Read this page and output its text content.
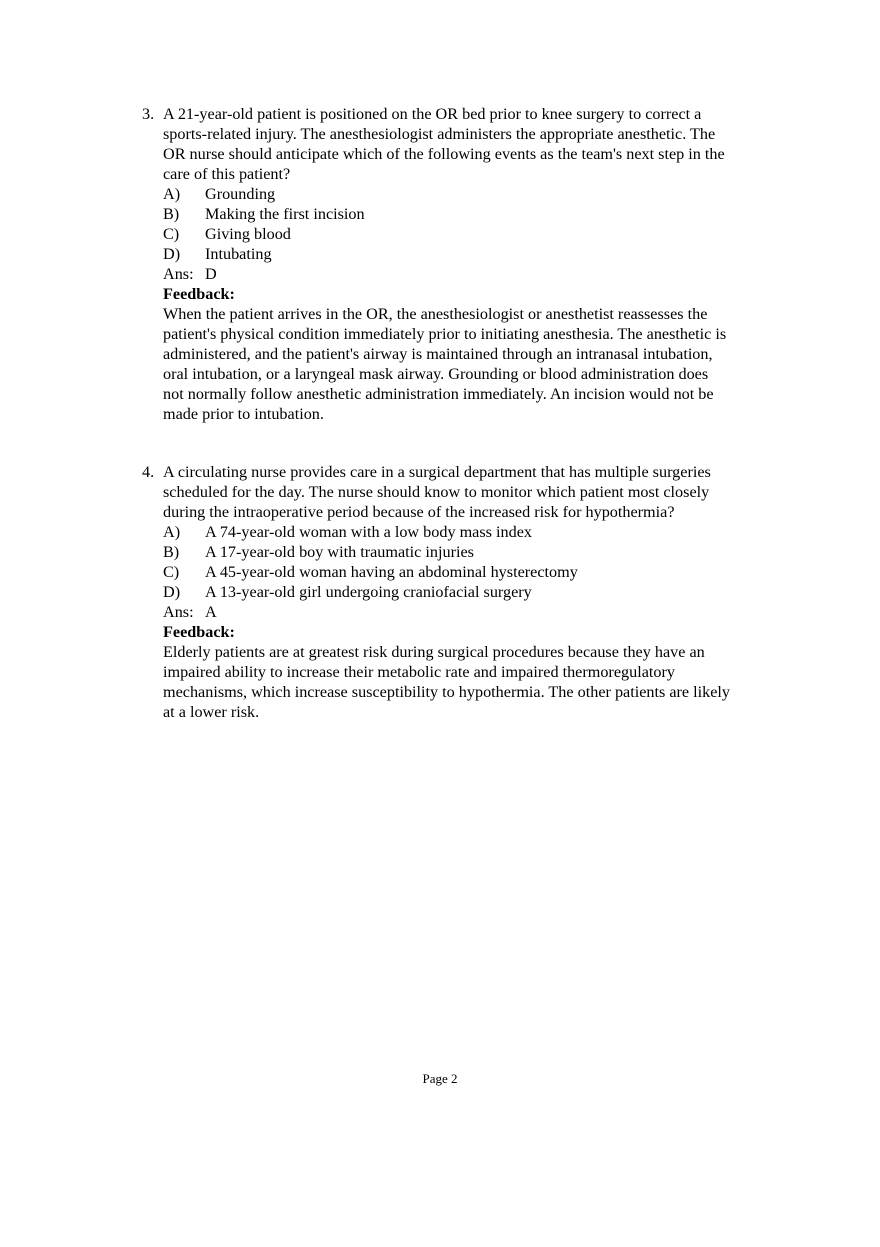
3. A 21-year-old patient is positioned on the OR bed prior to knee surgery to correct a
sports-related injury. The anesthesiologist administers the appropriate anesthetic. The
OR nurse should anticipate which of the following events as the team's next step in the
care of this patient?

A)	Grounding
B)	Making the first incision
C)	Giving blood
D)	Intubating

Ans: D

Feedback:

When the patient arrives in the OR, the anesthesiologist or anesthetist reassesses the
patient's physical condition immediately prior to initiating anesthesia. The anesthetic is
administered, and the patient's airway is maintained through an intranasal intubation,
oral intubation, or a laryngeal mask airway. Grounding or blood administration does
not normally follow anesthetic administration immediately. An incision would not be
made prior to intubation.

4. A circulating nurse provides care in a surgical department that has multiple surgeries
scheduled for the day. The nurse should know to monitor which patient most closely
during the intraoperative period because of the increased risk for hypothermia?

A)	A 74-year-old woman with a low body mass index
B)	A 17-year-old boy with traumatic injuries
C)	A 45-year-old woman having an abdominal hysterectomy
D)	A 13-year-old girl undergoing craniofacial surgery

Ans: A

Feedback:

Elderly patients are at greatest risk during surgical procedures because they have an
impaired ability to increase their metabolic rate and impaired thermoregulatory
mechanisms, which increase susceptibility to hypothermia. The other patients are likely
at a lower risk.

Page 2
